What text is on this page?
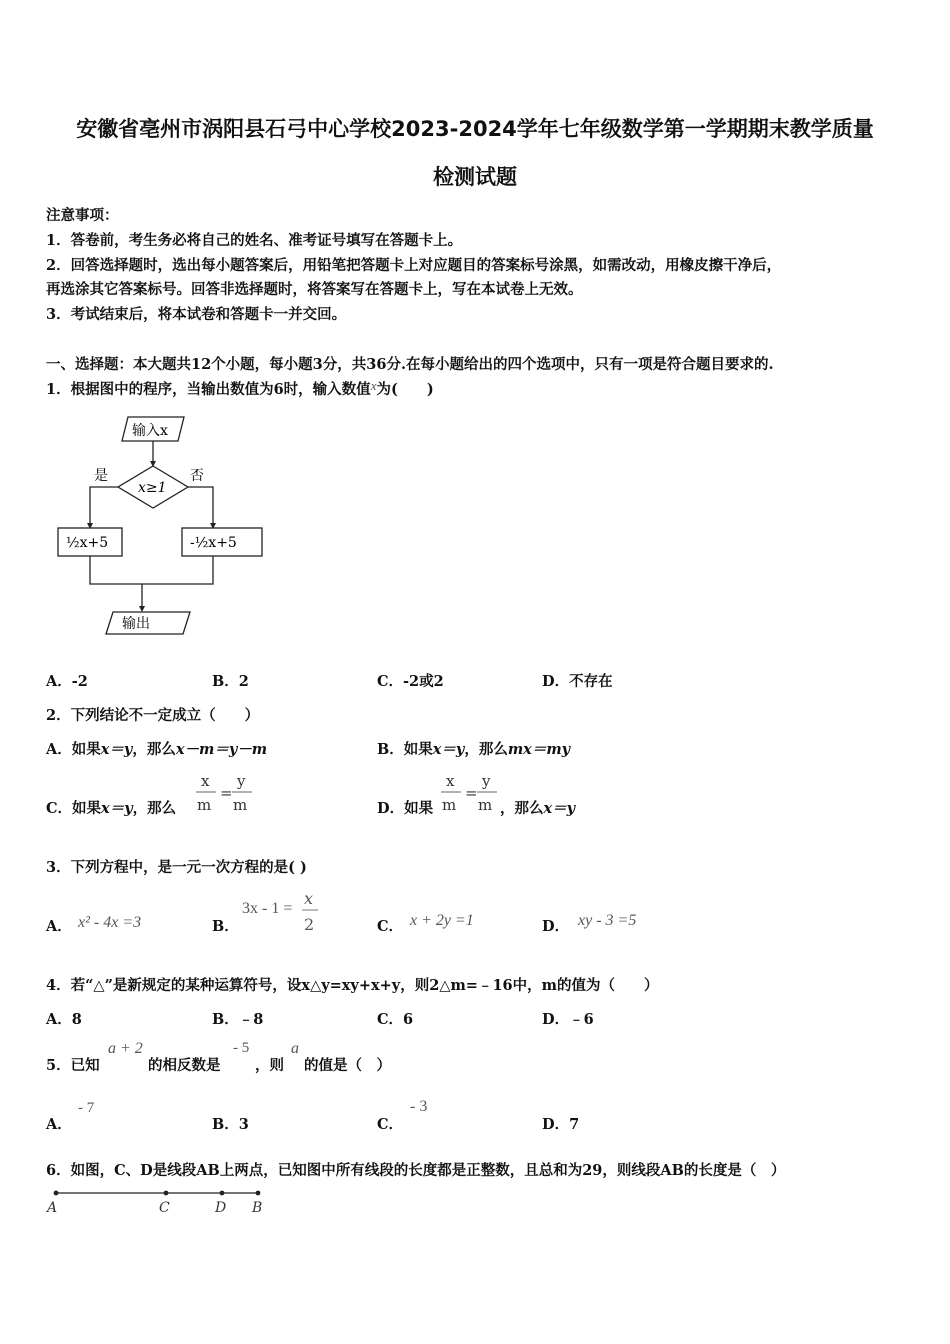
安徽省亳州市涡阳县石弓中心学校2023-2024学年七年级数学第一学期期末教学质量
检测试题
注意事项：
1．答卷前，考生务必将自己的姓名、准考证号填写在答题卡上。
2．回答选择题时，选出每小题答案后，用铅笔把答题卡上对应题目的答案标号涂黑，如需改动，用橡皮擦干净后，
再选涂其它答案标号。回答非选择题时，将答案写在答题卡上，写在本试卷上无效。
3．考试结束后，将本试卷和答题卡一并交回。
一、选择题：本大题共12个小题，每小题3分，共36分.在每小题给出的四个选项中，只有一项是符合题目要求的.
1．根据图中的程序，当输出数值为6时，输入数值x为(　　)
输入x
x≥1
是	否
½x+5	-½x+5
输出
A．-2	B．2	C．-2或2	D．不存在
2．下列结论不一定成立（　　）
A．如果x＝y，那么x－m＝y－m	B．如果x＝y，那么mx＝my
C．如果x＝y，那么
x
m
=
y
m	D．如果
x
m
=
y
m ，那么x＝y
3．下列方程中，是一元一次方程的是( )
A． x² - 4x =3	B．
3x - 1 =
x
2	C． x + 2y =1	D． xy - 3 =5
4．若“△”是新规定的某种运算符号，设x△y=xy+x+y，则2△m=﹣16中，m的值为（　　）
A．8	B．﹣8	C．6	D．﹣6
5．已知
a + 2
的相反数是
- 5
，则
a
的值是（　）
A．
- 7
B．3	C．
- 3
D．7
6．如图，C、D是线段AB上两点，已知图中所有线段的长度都是正整数，且总和为29，则线段AB的长度是（　）
A	C	D B
